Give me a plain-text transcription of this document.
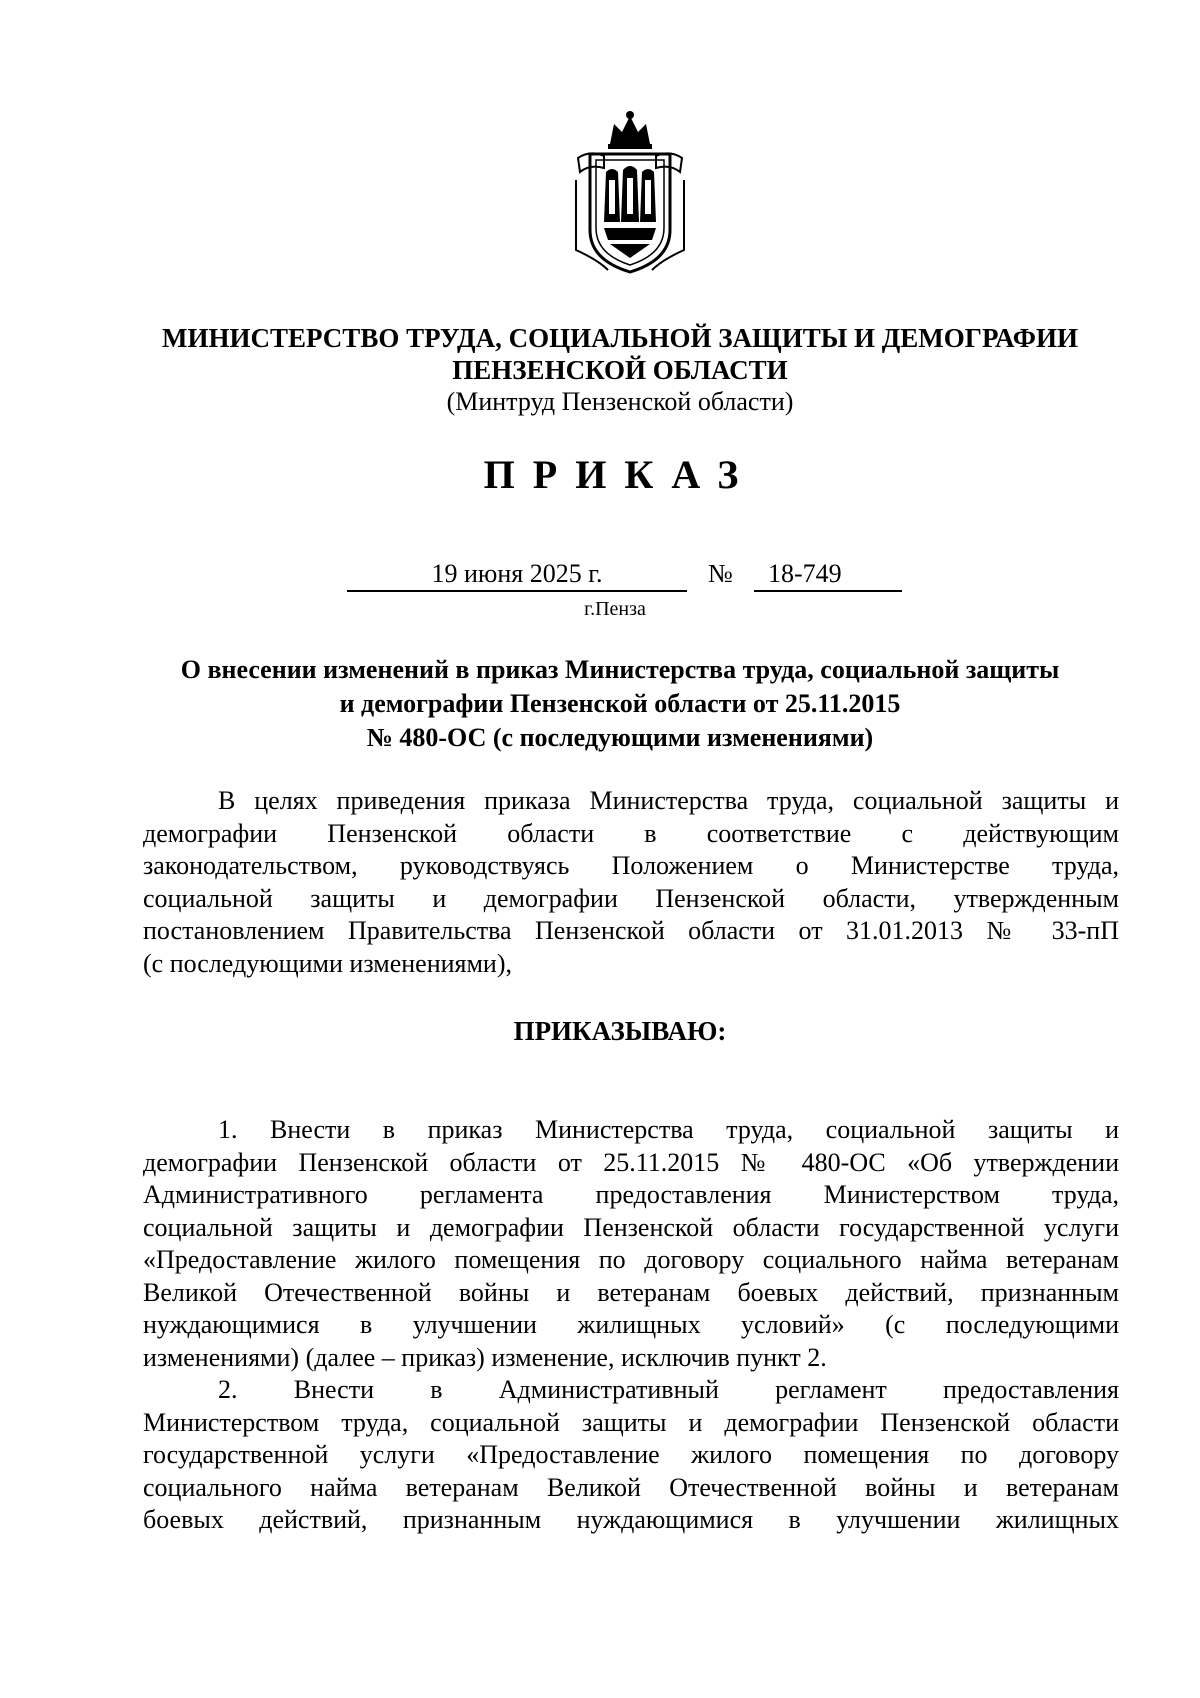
МИНИСТЕРСТВО ТРУДА, СОЦИАЛЬНОЙ ЗАЩИТЫ И ДЕМОГРАФИИ
ПЕНЗЕНСКОЙ ОБЛАСТИ
(Минтруд Пензенской области)
ПРИКАЗ
19 июня 2025 г.	№	18-749
г.Пенза
О внесении изменений в приказ Министерства труда, социальной защиты
и демографии Пензенской области от 25.11.2015
№ 480-ОС (с последующими изменениями)
В целях приведения приказа Министерства труда, социальной защиты и
демографии Пензенской области в соответствие с действующим
законодательством, руководствуясь Положением о Министерстве труда,
социальной защиты и демографии Пензенской области, утвержденным
постановлением Правительства Пензенской области от 31.01.2013 № 33-пП
(с последующими изменениями),
ПРИКАЗЫВАЮ:
1. Внести в приказ Министерства труда, социальной защиты и
демографии Пензенской области от 25.11.2015 № 480-ОС «Об утверждении
Административного регламента предоставления Министерством труда,
социальной защиты и демографии Пензенской области государственной услуги
«Предоставление жилого помещения по договору социального найма ветеранам
Великой Отечественной войны и ветеранам боевых действий, признанным
нуждающимися в улучшении жилищных условий» (с последующими
изменениями) (далее – приказ) изменение, исключив пункт 2.
2. Внести в Административный регламент предоставления
Министерством труда, социальной защиты и демографии Пензенской области
государственной услуги «Предоставление жилого помещения по договору
социального найма ветеранам Великой Отечественной войны и ветеранам
боевых действий, признанным нуждающимися в улучшении жилищных
